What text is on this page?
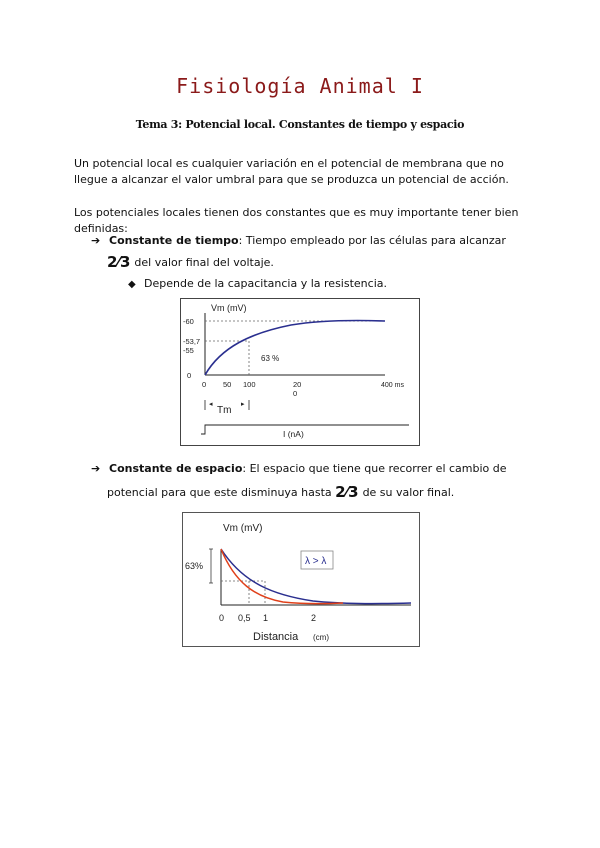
Fisiología Animal I
Tema 3: Potencial local. Constantes de tiempo y espacio
Un potencial local es cualquier variación en el potencial de membrana que no llegue a alcanzar el valor umbral para que se produzca un potencial de acción.
Los potenciales locales tienen dos constantes que es muy importante tener bien definidas:
➔ Constante de tiempo: Tiempo empleado por las células para alcanzar
2⁄3 del valor final del voltaje.
◆ Depende de la capacitancia y la resistencia.
Vm (mV)
-60
-53,7
-55
0
63 %
0 50 100	20
0
400 ms
◂	▸
Tm
I (nA)
➔ Constante de espacio: El espacio que tiene que recorrer el cambio de
potencial para que este disminuya hasta 2⁄3 de su valor final.
Vm (mV)
63%	λ > λ
0 0,5 1	2
Distancia (cm)
